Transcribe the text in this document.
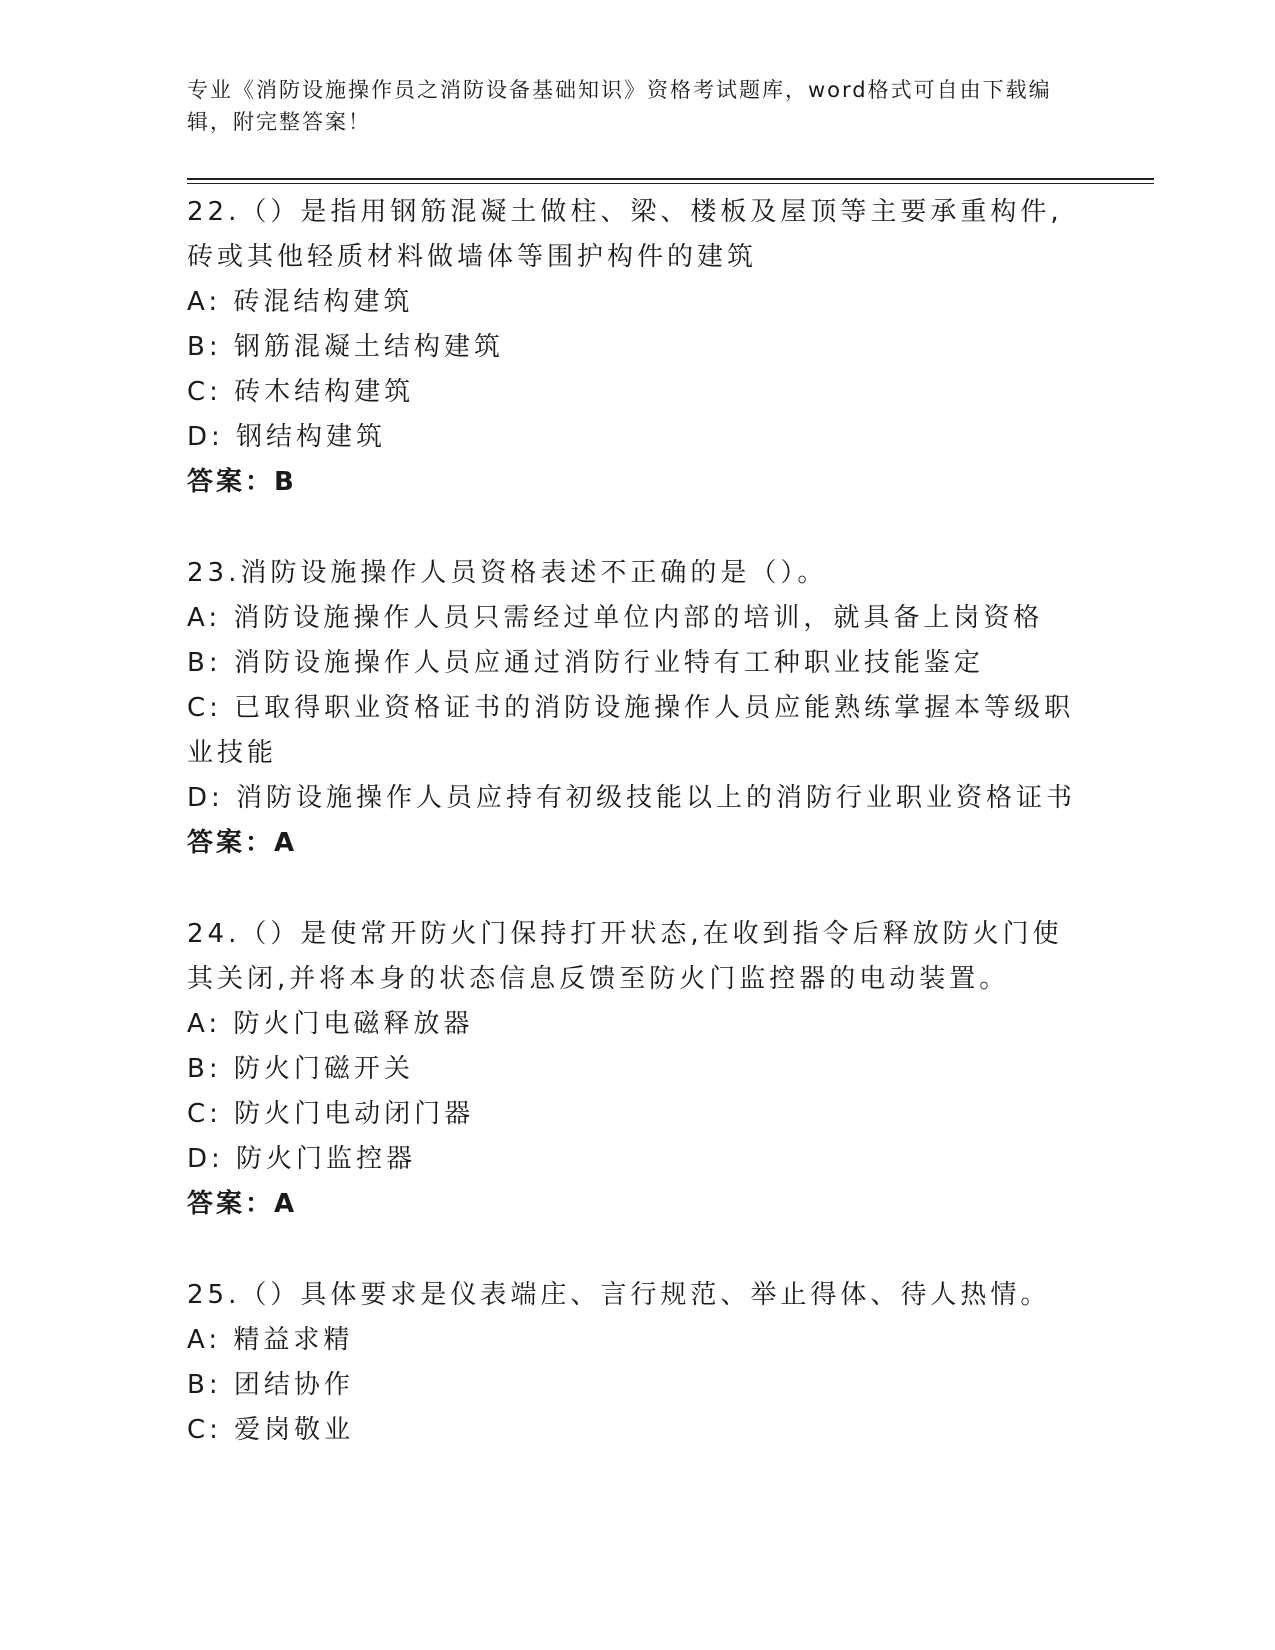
专业《消防设施操作员之消防设备基础知识》资格考试题库，word格式可自由下载编辑，附完整答案！

22.（）是指用钢筋混凝土做柱、梁、楼板及屋顶等主要承重构件,砖或其他轻质材料做墙体等围护构件的建筑

A: 砖混结构建筑
B: 钢筋混凝土结构建筑
C: 砖木结构建筑
D: 钢结构建筑

答案：B

23.消防设施操作人员资格表述不正确的是（）。

A: 消防设施操作人员只需经过单位内部的培训，就具备上岗资格
B: 消防设施操作人员应通过消防行业特有工种职业技能鉴定
C: 已取得职业资格证书的消防设施操作人员应能熟练掌握本等级职业技能
D: 消防设施操作人员应持有初级技能以上的消防行业职业资格证书

答案：A

24.（）是使常开防火门保持打开状态,在收到指令后释放防火门使其关闭,并将本身的状态信息反馈至防火门监控器的电动装置。

A: 防火门电磁释放器
B: 防火门磁开关
C: 防火门电动闭门器
D: 防火门监控器

答案：A

25.（）具体要求是仪表端庄、言行规范、举止得体、待人热情。

A: 精益求精
B: 团结协作
C: 爱岗敬业
